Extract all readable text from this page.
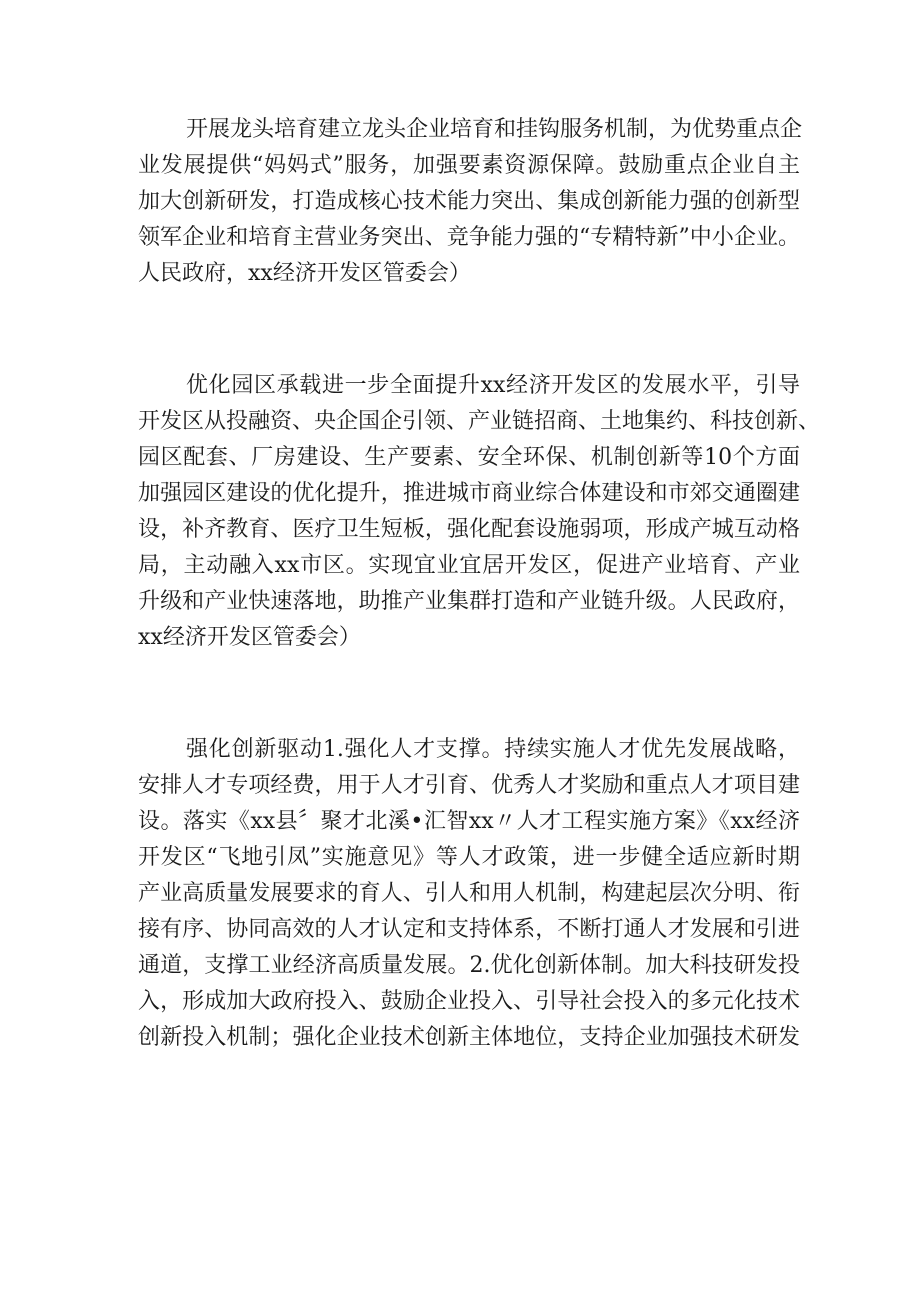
开展龙头培育建立龙头企业培育和挂钩服务机制，为优势重点企
业发展提供“妈妈式”服务，加强要素资源保障。鼓励重点企业自主
加大创新研发，打造成核心技术能力突出、集成创新能力强的创新型
领军企业和培育主营业务突出、竞争能力强的“专精特新”中小企业。
人民政府，xx经济开发区管委会）
优化园区承载进一步全面提升xx经济开发区的发展水平，引导
开发区从投融资、央企国企引领、产业链招商、土地集约、科技创新、
园区配套、厂房建设、生产要素、安全环保、机制创新等10个方面
加强园区建设的优化提升，推进城市商业综合体建设和市郊交通圈建
设，补齐教育、医疗卫生短板，强化配套设施弱项，形成产城互动格
局，主动融入xx市区。实现宜业宜居开发区，促进产业培育、产业
升级和产业快速落地，助推产业集群打造和产业链升级。人民政府，
xx经济开发区管委会）
强化创新驱动1.强化人才支撑。持续实施人才优先发展战略，
安排人才专项经费，用于人才引育、优秀人才奖励和重点人才项目建
设。落实《xx县〞聚才北溪•汇智xx〃人才工程实施方案》《xx经济
开发区“飞地引凤”实施意见》等人才政策，进一步健全适应新时期
产业高质量发展要求的育人、引人和用人机制，构建起层次分明、衔
接有序、协同高效的人才认定和支持体系，不断打通人才发展和引进
通道，支撑工业经济高质量发展。2.优化创新体制。加大科技研发投
入，形成加大政府投入、鼓励企业投入、引导社会投入的多元化技术
创新投入机制；强化企业技术创新主体地位，支持企业加强技术研发
